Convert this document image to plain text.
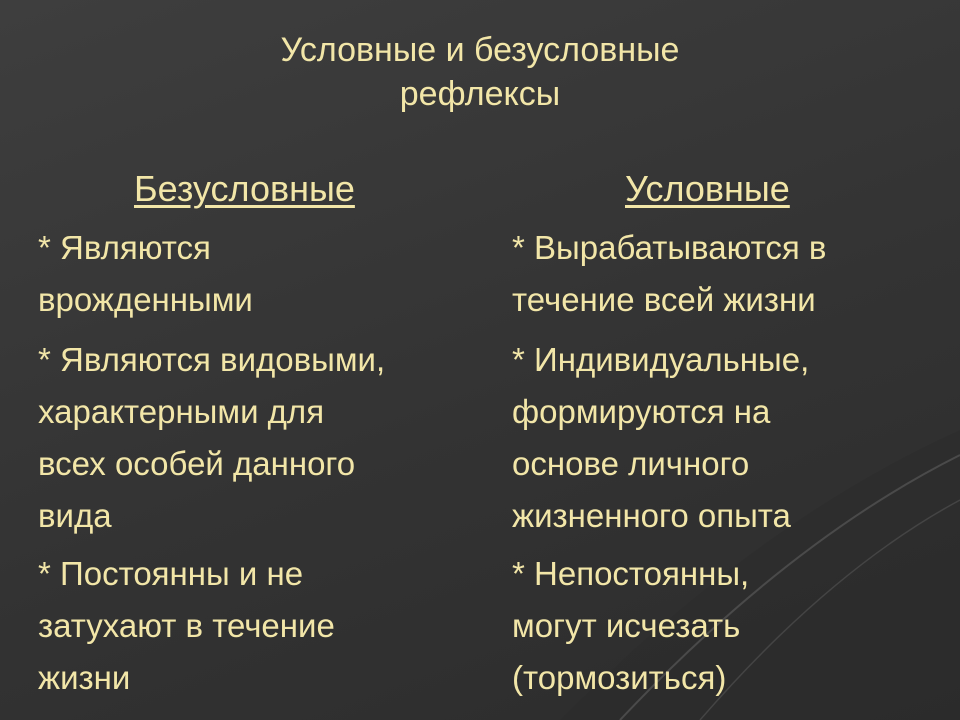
Условные и безусловные
рефлексы
Безусловные	Условные
* Являются
врожденными
* Являются видовыми,
характерными для
всех особей данного
вида
* Постоянны и не
затухают в течение
жизни
* Вырабатываются в
течение всей жизни
* Индивидуальные,
формируются на
основе личного
жизненного опыта
* Непостоянны,
могут исчезать
(тормозиться)
